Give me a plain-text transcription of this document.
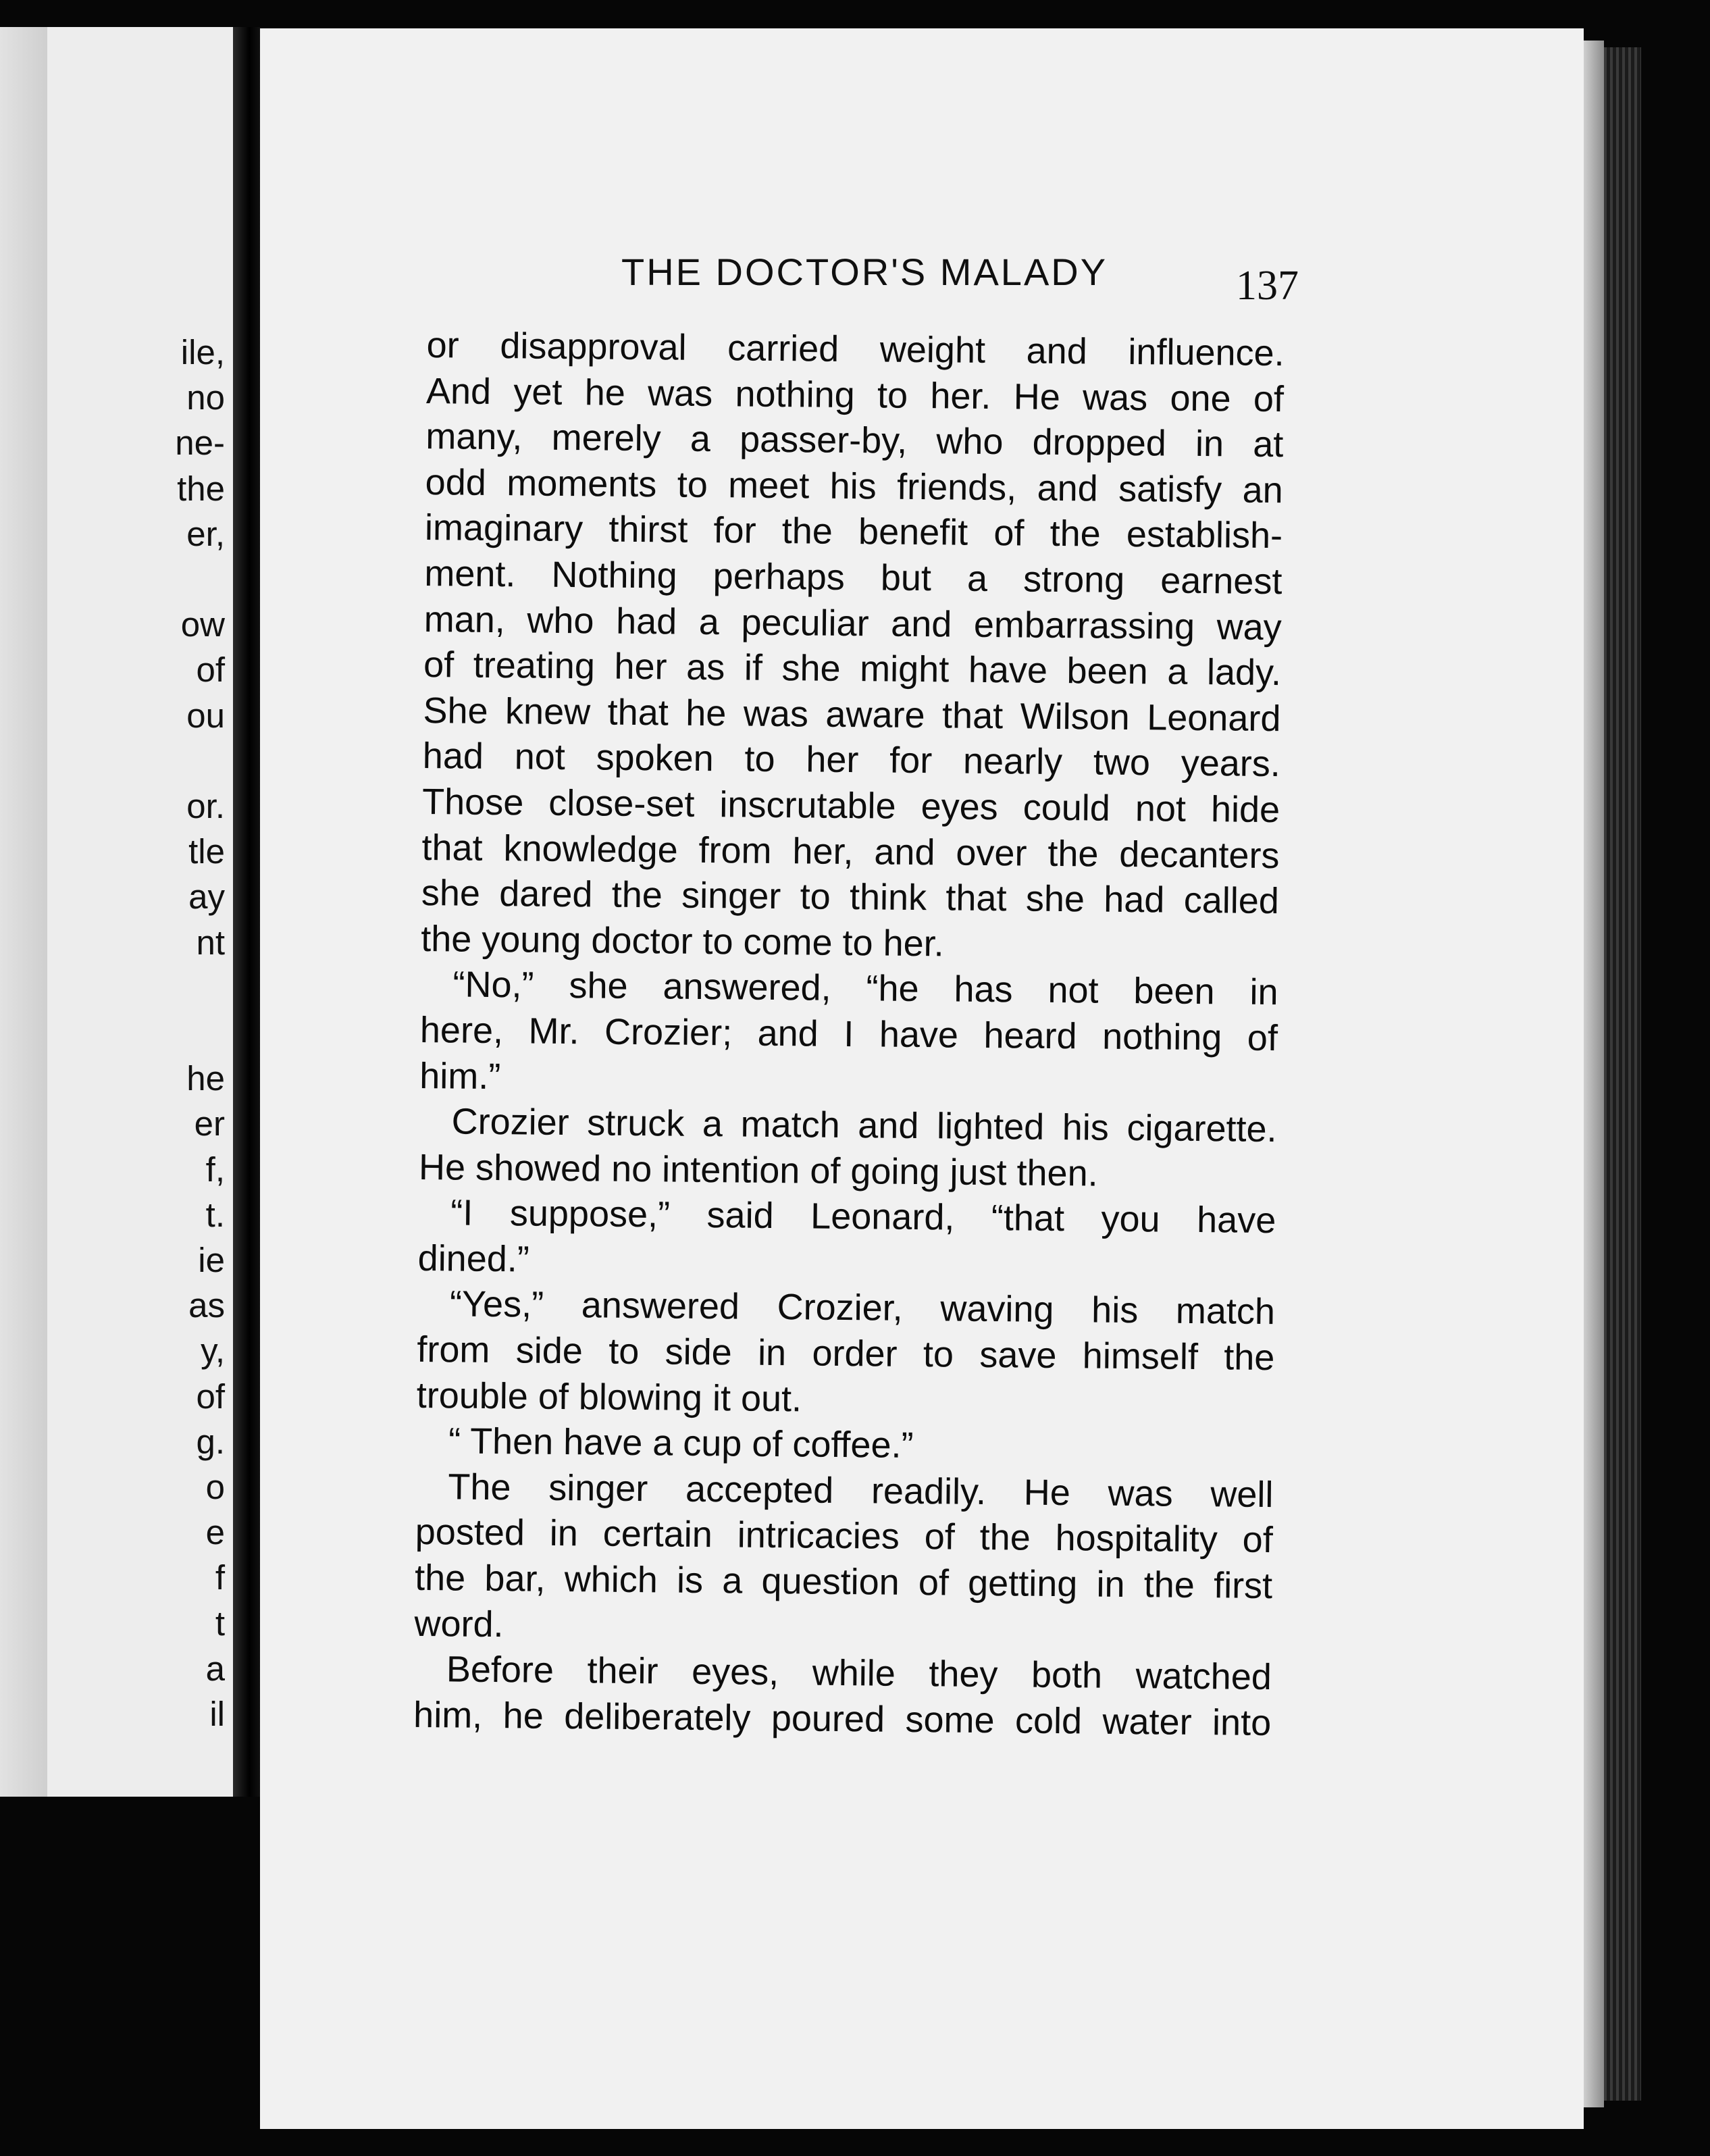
ile,
no
ne-
the
er,
ow
of
ou
or.
tle
ay
nt
he
er
f,
t.
ie
as
y,
of
g.
o
e
f
t
a
il
THE DOCTOR'S MALADY	137
or disapproval carried weight and influence.
And yet he was nothing to her. He was one of
many, merely a passer-by, who dropped in at
odd moments to meet his friends, and satisfy an
imaginary thirst for the benefit of the establish-
ment. Nothing perhaps but a strong earnest
man, who had a peculiar and embarrassing way
of treating her as if she might have been a lady.
She knew that he was aware that Wilson Leonard
had not spoken to her for nearly two years.
Those close-set inscrutable eyes could not hide
that knowledge from her, and over the decanters
she dared the singer to think that she had called
the young doctor to come to her.
“No,” she answered, “he has not been in
here, Mr. Crozier; and I have heard nothing of
him.”
Crozier struck a match and lighted his cigarette.
He showed no intention of going just then.
“I suppose,” said Leonard, “that you have
dined.”
“Yes,” answered Crozier, waving his match
from side to side in order to save himself the
trouble of blowing it out.
“ Then have a cup of coffee.”
The singer accepted readily. He was well
posted in certain intricacies of the hospitality of
the bar, which is a question of getting in the first
word.
Before their eyes, while they both watched
him, he deliberately poured some cold water into
